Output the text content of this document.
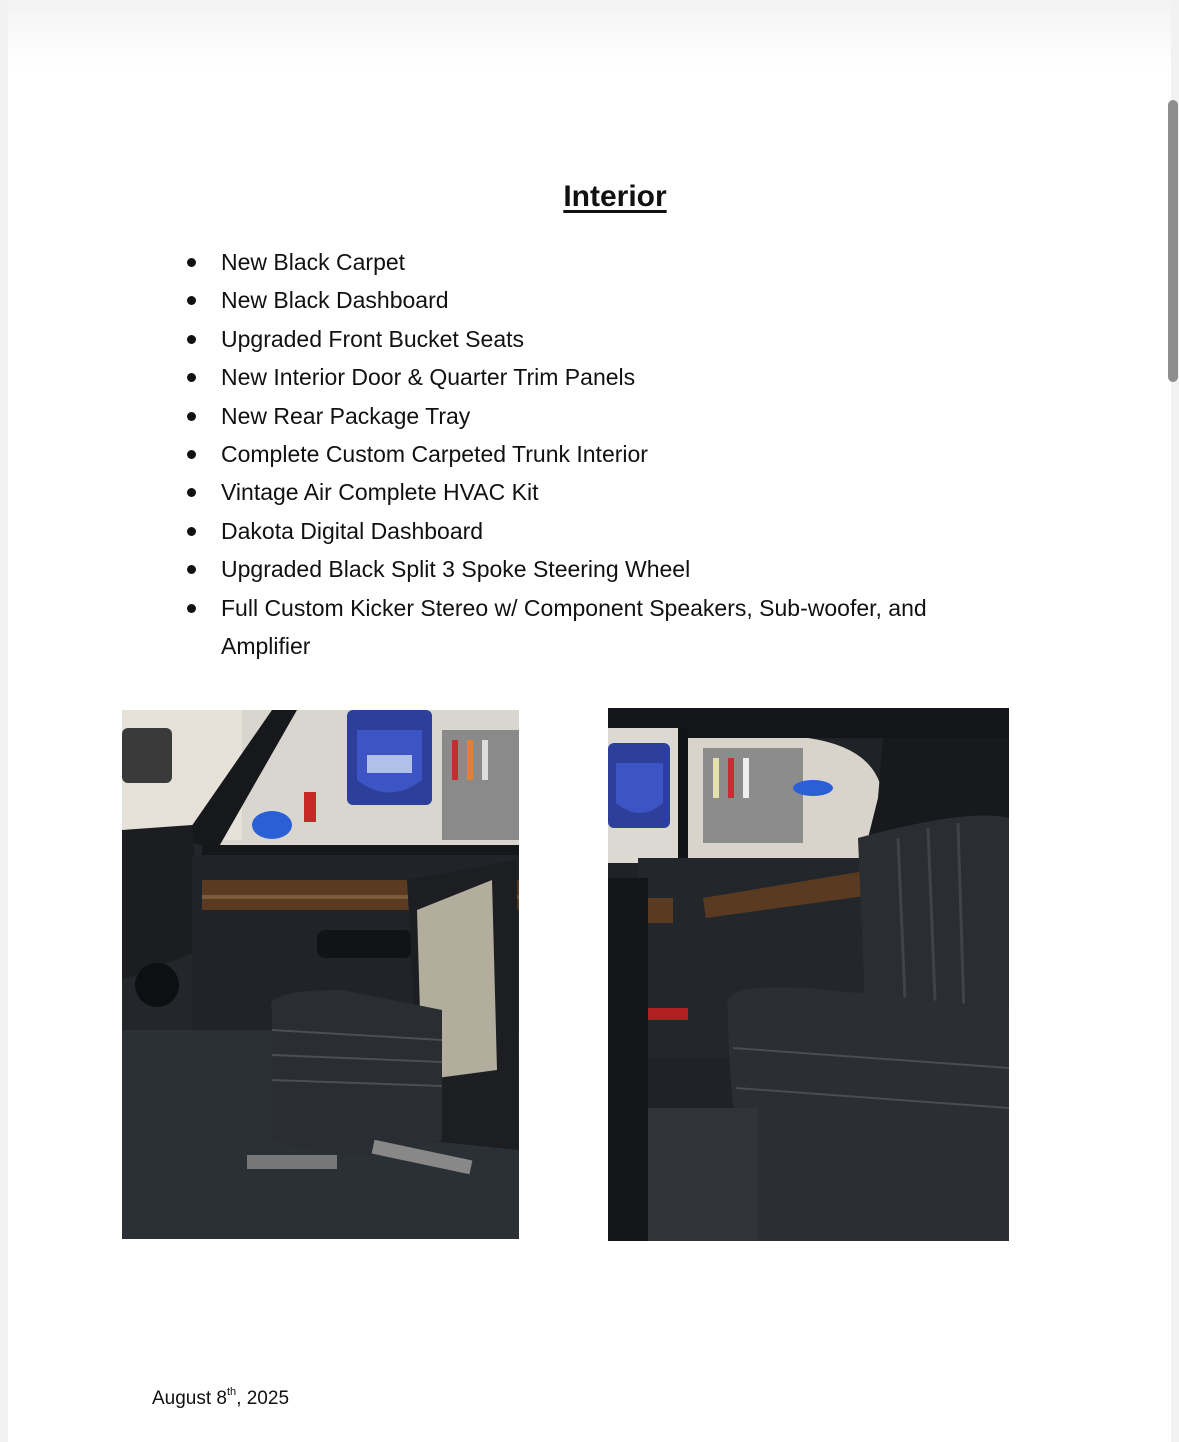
Interior
New Black Carpet
New Black Dashboard
Upgraded Front Bucket Seats
New Interior Door & Quarter Trim Panels
New Rear Package Tray
Complete Custom Carpeted Trunk Interior
Vintage Air Complete HVAC Kit
Dakota Digital Dashboard
Upgraded Black Split 3 Spoke Steering Wheel
Full Custom Kicker Stereo w/ Component Speakers, Sub-woofer, and Amplifier
August 8th, 2025
